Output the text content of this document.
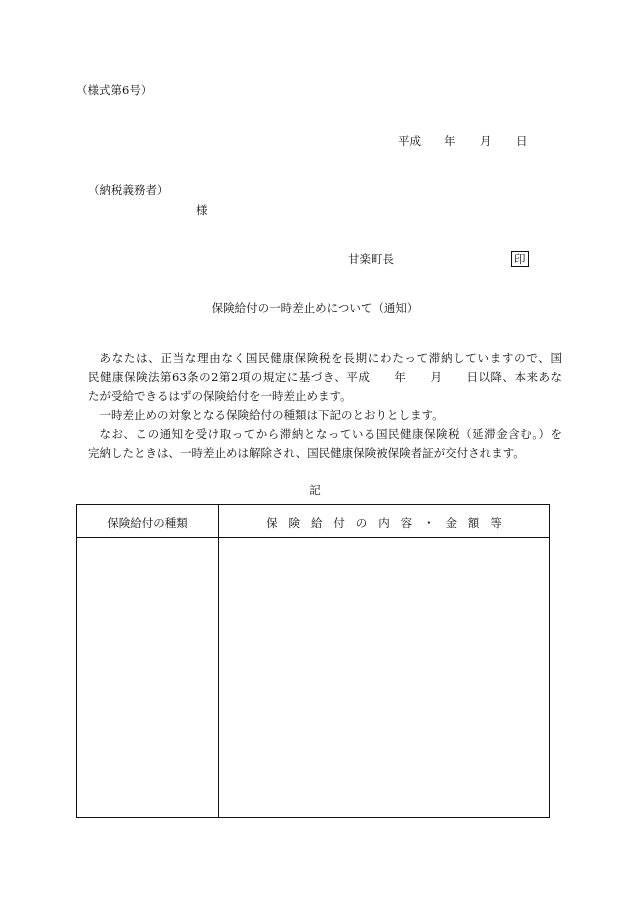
（様式第6号）
平成 年 月 日
（納税義務者）
様
甘楽町長	印
保険給付の一時差止めについて（通知）

あなたは、正当な理由なく国民健康保険税を長期にわたって滞納していますので、国
民健康保険法第63条の2第2項の規定に基づき、平成　　年　　月　　日以降、本来あな
たが受給できるはずの保険給付を一時差止めます。

一時差止めの対象となる保険給付の種類は下記のとおりとします。

なお、この通知を受け取ってから滞納となっている国民健康保険税（延滞金含む。）を
完納したときは、一時差止めは解除され、国民健康保険被保険者証が交付されます。

記
保険給付の種類	保険給付の内容・金額等
